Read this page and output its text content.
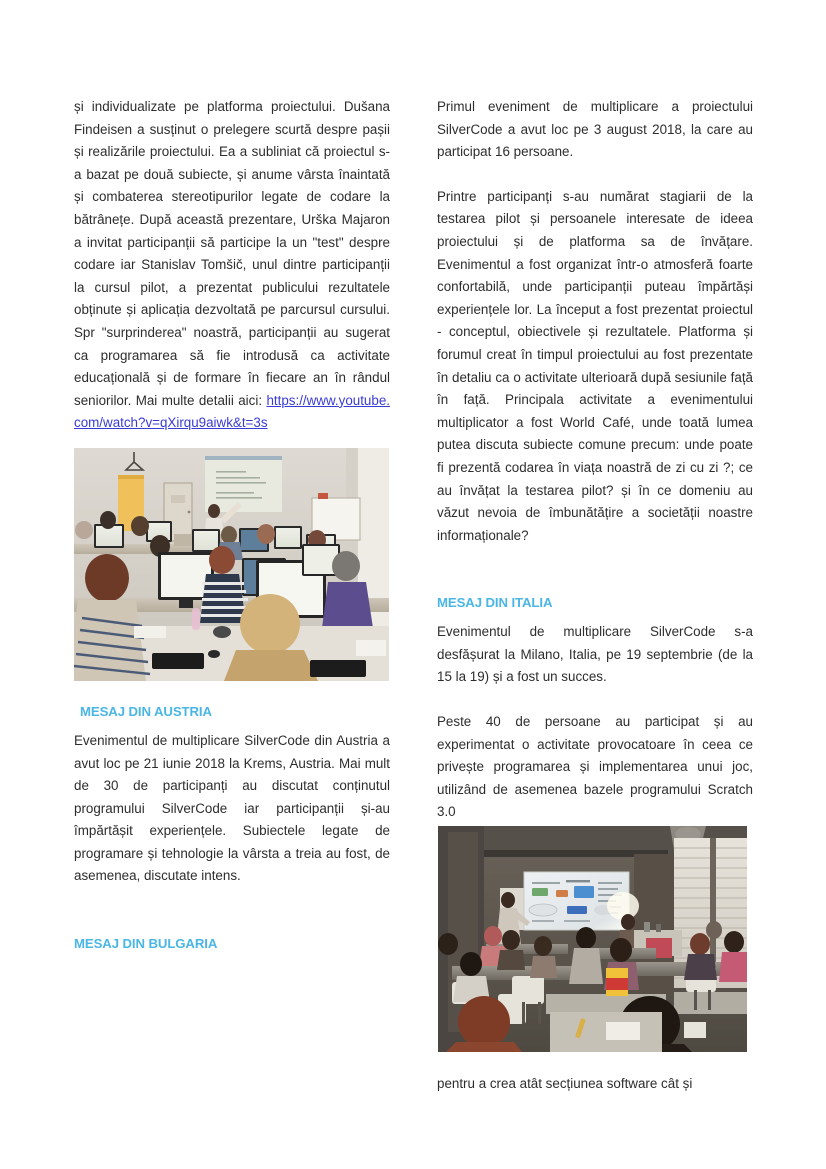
și individualizate pe platforma proiectului. Dušana Findeisen a susținut o prelegere scurtă despre pașii și realizările proiectului. Ea a subliniat că proiectul s-a bazat pe două subiecte, și anume vârsta înaintată și combaterea stereotipurilor legate de codare la bătrânețe. După această prezentare, Urška Majaron a invitat participanții să participe la un "test" despre codare iar Stanislav Tomšič, unul dintre participanții la cursul pilot, a prezentat publicului rezultatele obținute și aplicația dezvoltată pe parcursul cursului. Spr "surprinderea" noastră, participanții au sugerat ca programarea să fie introdusă ca activitate educațională și de formare în fiecare an în rândul seniorilor. Mai multe detalii aici: https://www.youtube.com/watch?v=qXirqu9aiwk&t=3s

MESAJ DIN AUSTRIA

Evenimentul de multiplicare SilverCode din Austria a avut loc pe 21 iunie 2018 la Krems, Austria. Mai mult de 30 de participanți au discutat conținutul programului SilverCode iar participanții și-au împărtășit experiențele. Subiectele legate de programare și tehnologie la vârsta a treia au fost, de asemenea, discutate intens.

MESAJ DIN BULGARIA

Primul eveniment de multiplicare a proiectului SilverCode a avut loc pe 3 august 2018, la care au participat 16 persoane.

Printre participanți s-au numărat stagiarii de la testarea pilot și persoanele interesate de ideea proiectului și de platforma sa de învățare. Evenimentul a fost organizat într-o atmosferă foarte confortabilă, unde participanții puteau împărtăși experiențele lor. La început a fost prezentat proiectul - conceptul, obiectivele și rezultatele. Platforma și forumul creat în timpul proiectului au fost prezentate în detaliu ca o activitate ulterioară după sesiunile față în față. Principala activitate a evenimentului multiplicator a fost World Café, unde toată lumea putea discuta subiecte comune precum: unde poate fi prezentă codarea în viața noastră de zi cu zi ?; ce au învățat la testarea pilot? și în ce domeniu au văzut nevoia de îmbunătățire a societății noastre informaționale?

MESAJ DIN ITALIA

Evenimentul de multiplicare SilverCode s-a desfășurat la Milano, Italia, pe 19 septembrie (de la 15 la 19) și a fost un succes.

Peste 40 de persoane au participat și au experimentat o activitate provocatoare în ceea ce privește programarea și implementarea unui joc, utilizând de asemenea bazele programului Scratch 3.0

pentru a crea atât secțiunea software cât și
